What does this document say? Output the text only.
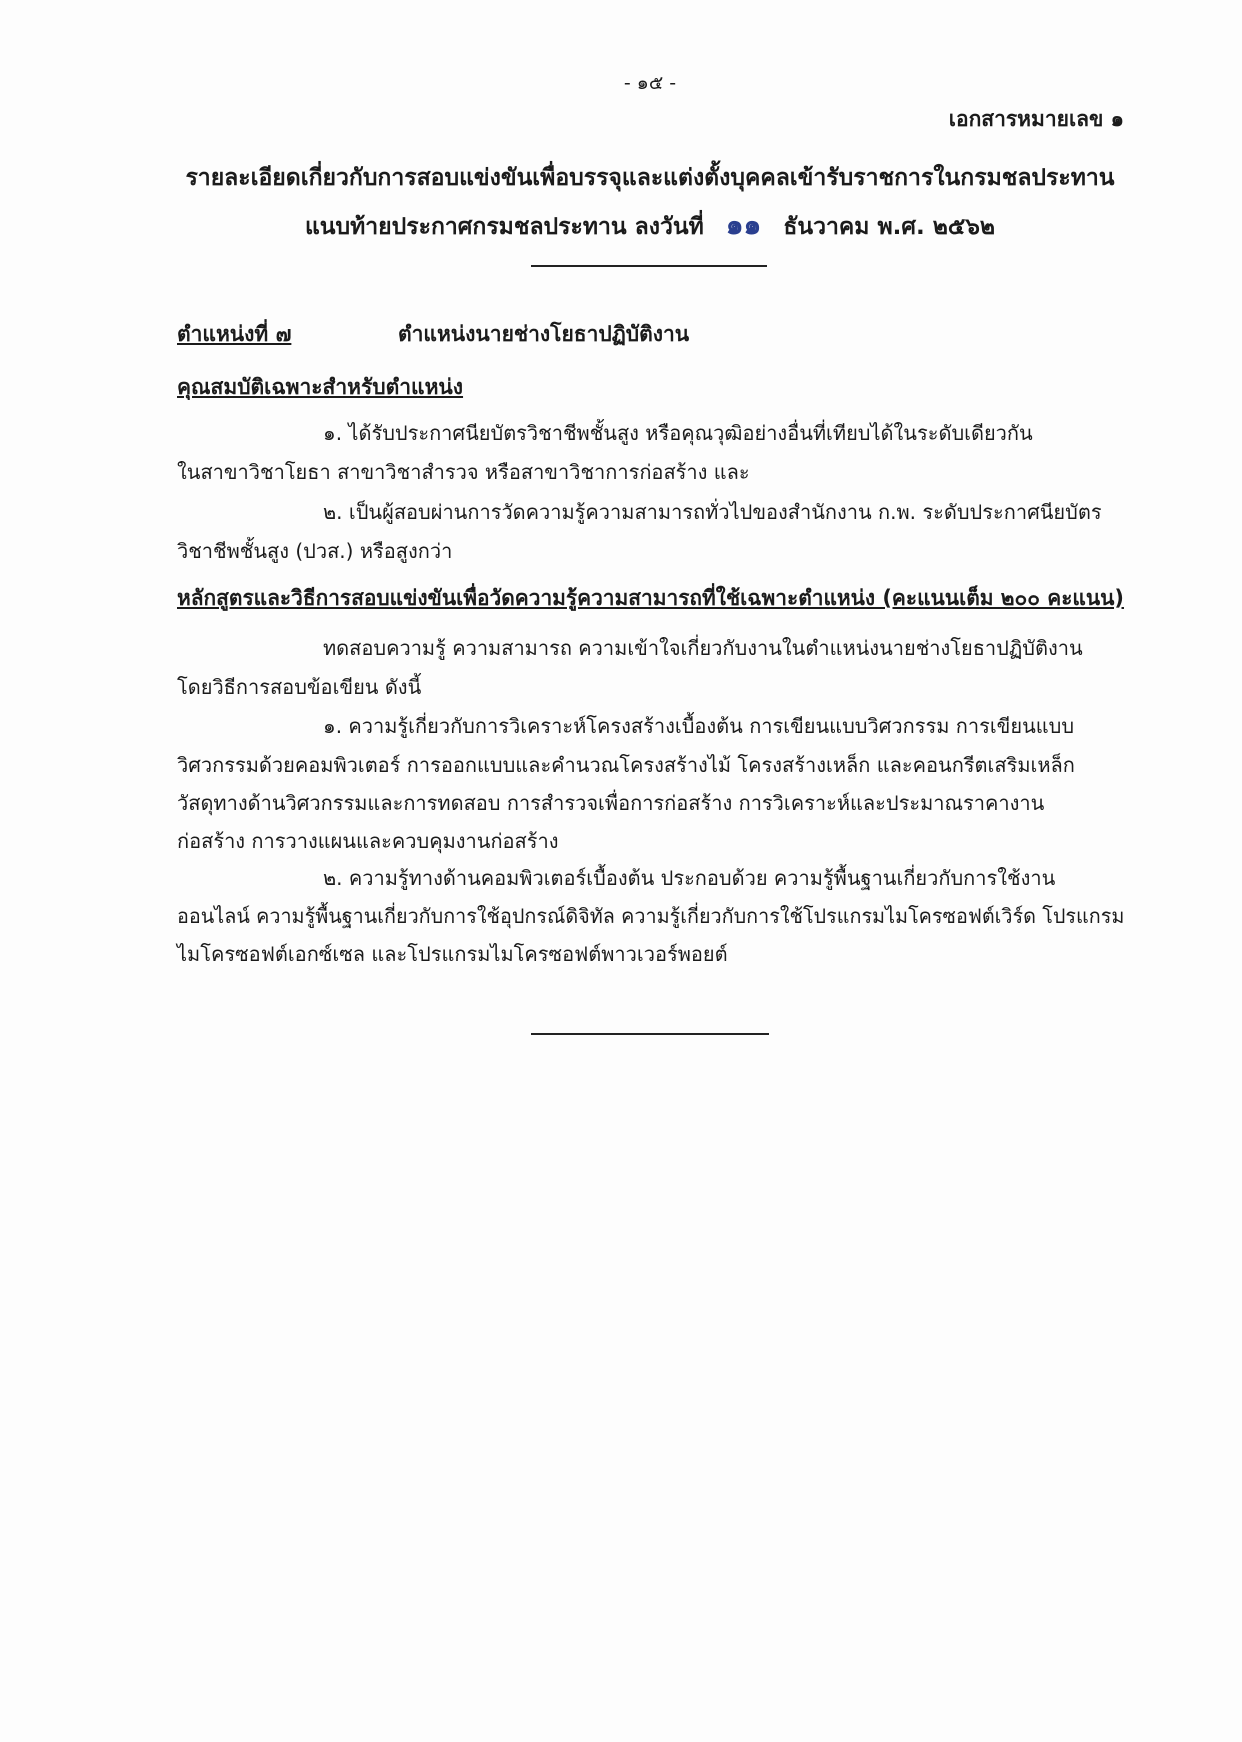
- ๑๕ -
เอกสารหมายเลข ๑
รายละเอียดเกี่ยวกับการสอบแข่งขันเพื่อบรรจุและแต่งตั้งบุคคลเข้ารับราชการในกรมชลประทาน
แนบท้ายประกาศกรมชลประทาน ลงวันที่ ๑๑ ธันวาคม พ.ศ. ๒๕๖๒
ตำแหน่งที่ ๗	ตำแหน่งนายช่างโยธาปฏิบัติงาน
คุณสมบัติเฉพาะสำหรับตำแหน่ง
๑. ได้รับประกาศนียบัตรวิชาชีพชั้นสูง หรือคุณวุฒิอย่างอื่นที่เทียบได้ในระดับเดียวกัน
ในสาขาวิชาโยธา สาขาวิชาสำรวจ หรือสาขาวิชาการก่อสร้าง และ
๒. เป็นผู้สอบผ่านการวัดความรู้ความสามารถทั่วไปของสำนักงาน ก.พ. ระดับประกาศนียบัตร
วิชาชีพชั้นสูง (ปวส.) หรือสูงกว่า
หลักสูตรและวิธีการสอบแข่งขันเพื่อวัดความรู้ความสามารถที่ใช้เฉพาะตำแหน่ง (คะแนนเต็ม ๒๐๐ คะแนน)
ทดสอบความรู้ ความสามารถ ความเข้าใจเกี่ยวกับงานในตำแหน่งนายช่างโยธาปฏิบัติงาน
โดยวิธีการสอบข้อเขียน ดังนี้
๑. ความรู้เกี่ยวกับการวิเคราะห์โครงสร้างเบื้องต้น การเขียนแบบวิศวกรรม การเขียนแบบ
วิศวกรรมด้วยคอมพิวเตอร์ การออกแบบและคำนวณโครงสร้างไม้ โครงสร้างเหล็ก และคอนกรีตเสริมเหล็ก
วัสดุทางด้านวิศวกรรมและการทดสอบ การสำรวจเพื่อการก่อสร้าง การวิเคราะห์และประมาณราคางาน
ก่อสร้าง การวางแผนและควบคุมงานก่อสร้าง
๒. ความรู้ทางด้านคอมพิวเตอร์เบื้องต้น ประกอบด้วย ความรู้พื้นฐานเกี่ยวกับการใช้งาน
ออนไลน์ ความรู้พื้นฐานเกี่ยวกับการใช้อุปกรณ์ดิจิทัล ความรู้เกี่ยวกับการใช้โปรแกรมไมโครซอฟต์เวิร์ด โปรแกรม
ไมโครซอฟต์เอกซ์เซล และโปรแกรมไมโครซอฟต์พาวเวอร์พอยต์
